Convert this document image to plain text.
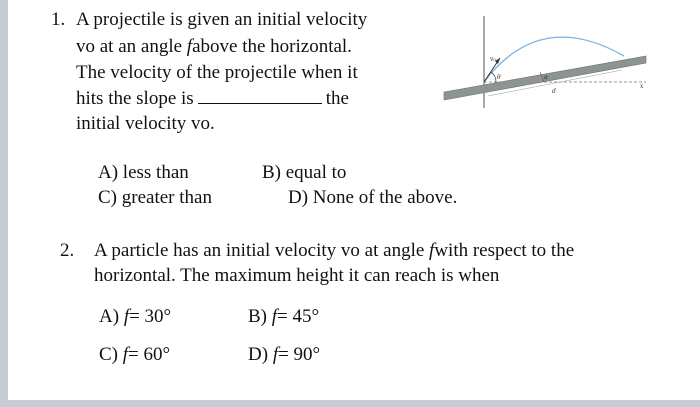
1. A projectile is given an initial velocity
vo at an angle fabove the horizontal.
The velocity of the projectile when it
hits the slope is	the
initial velocity vo.
A) less than	B) equal to
C) greater than	D) None of the above.
v₀
θ	α
d
x
2. A particle has an initial velocity vo at angle fwith respect to the
horizontal. The maximum height it can reach is when
A) f= 30°	B) f= 45°
C) f= 60°	D) f= 90°
